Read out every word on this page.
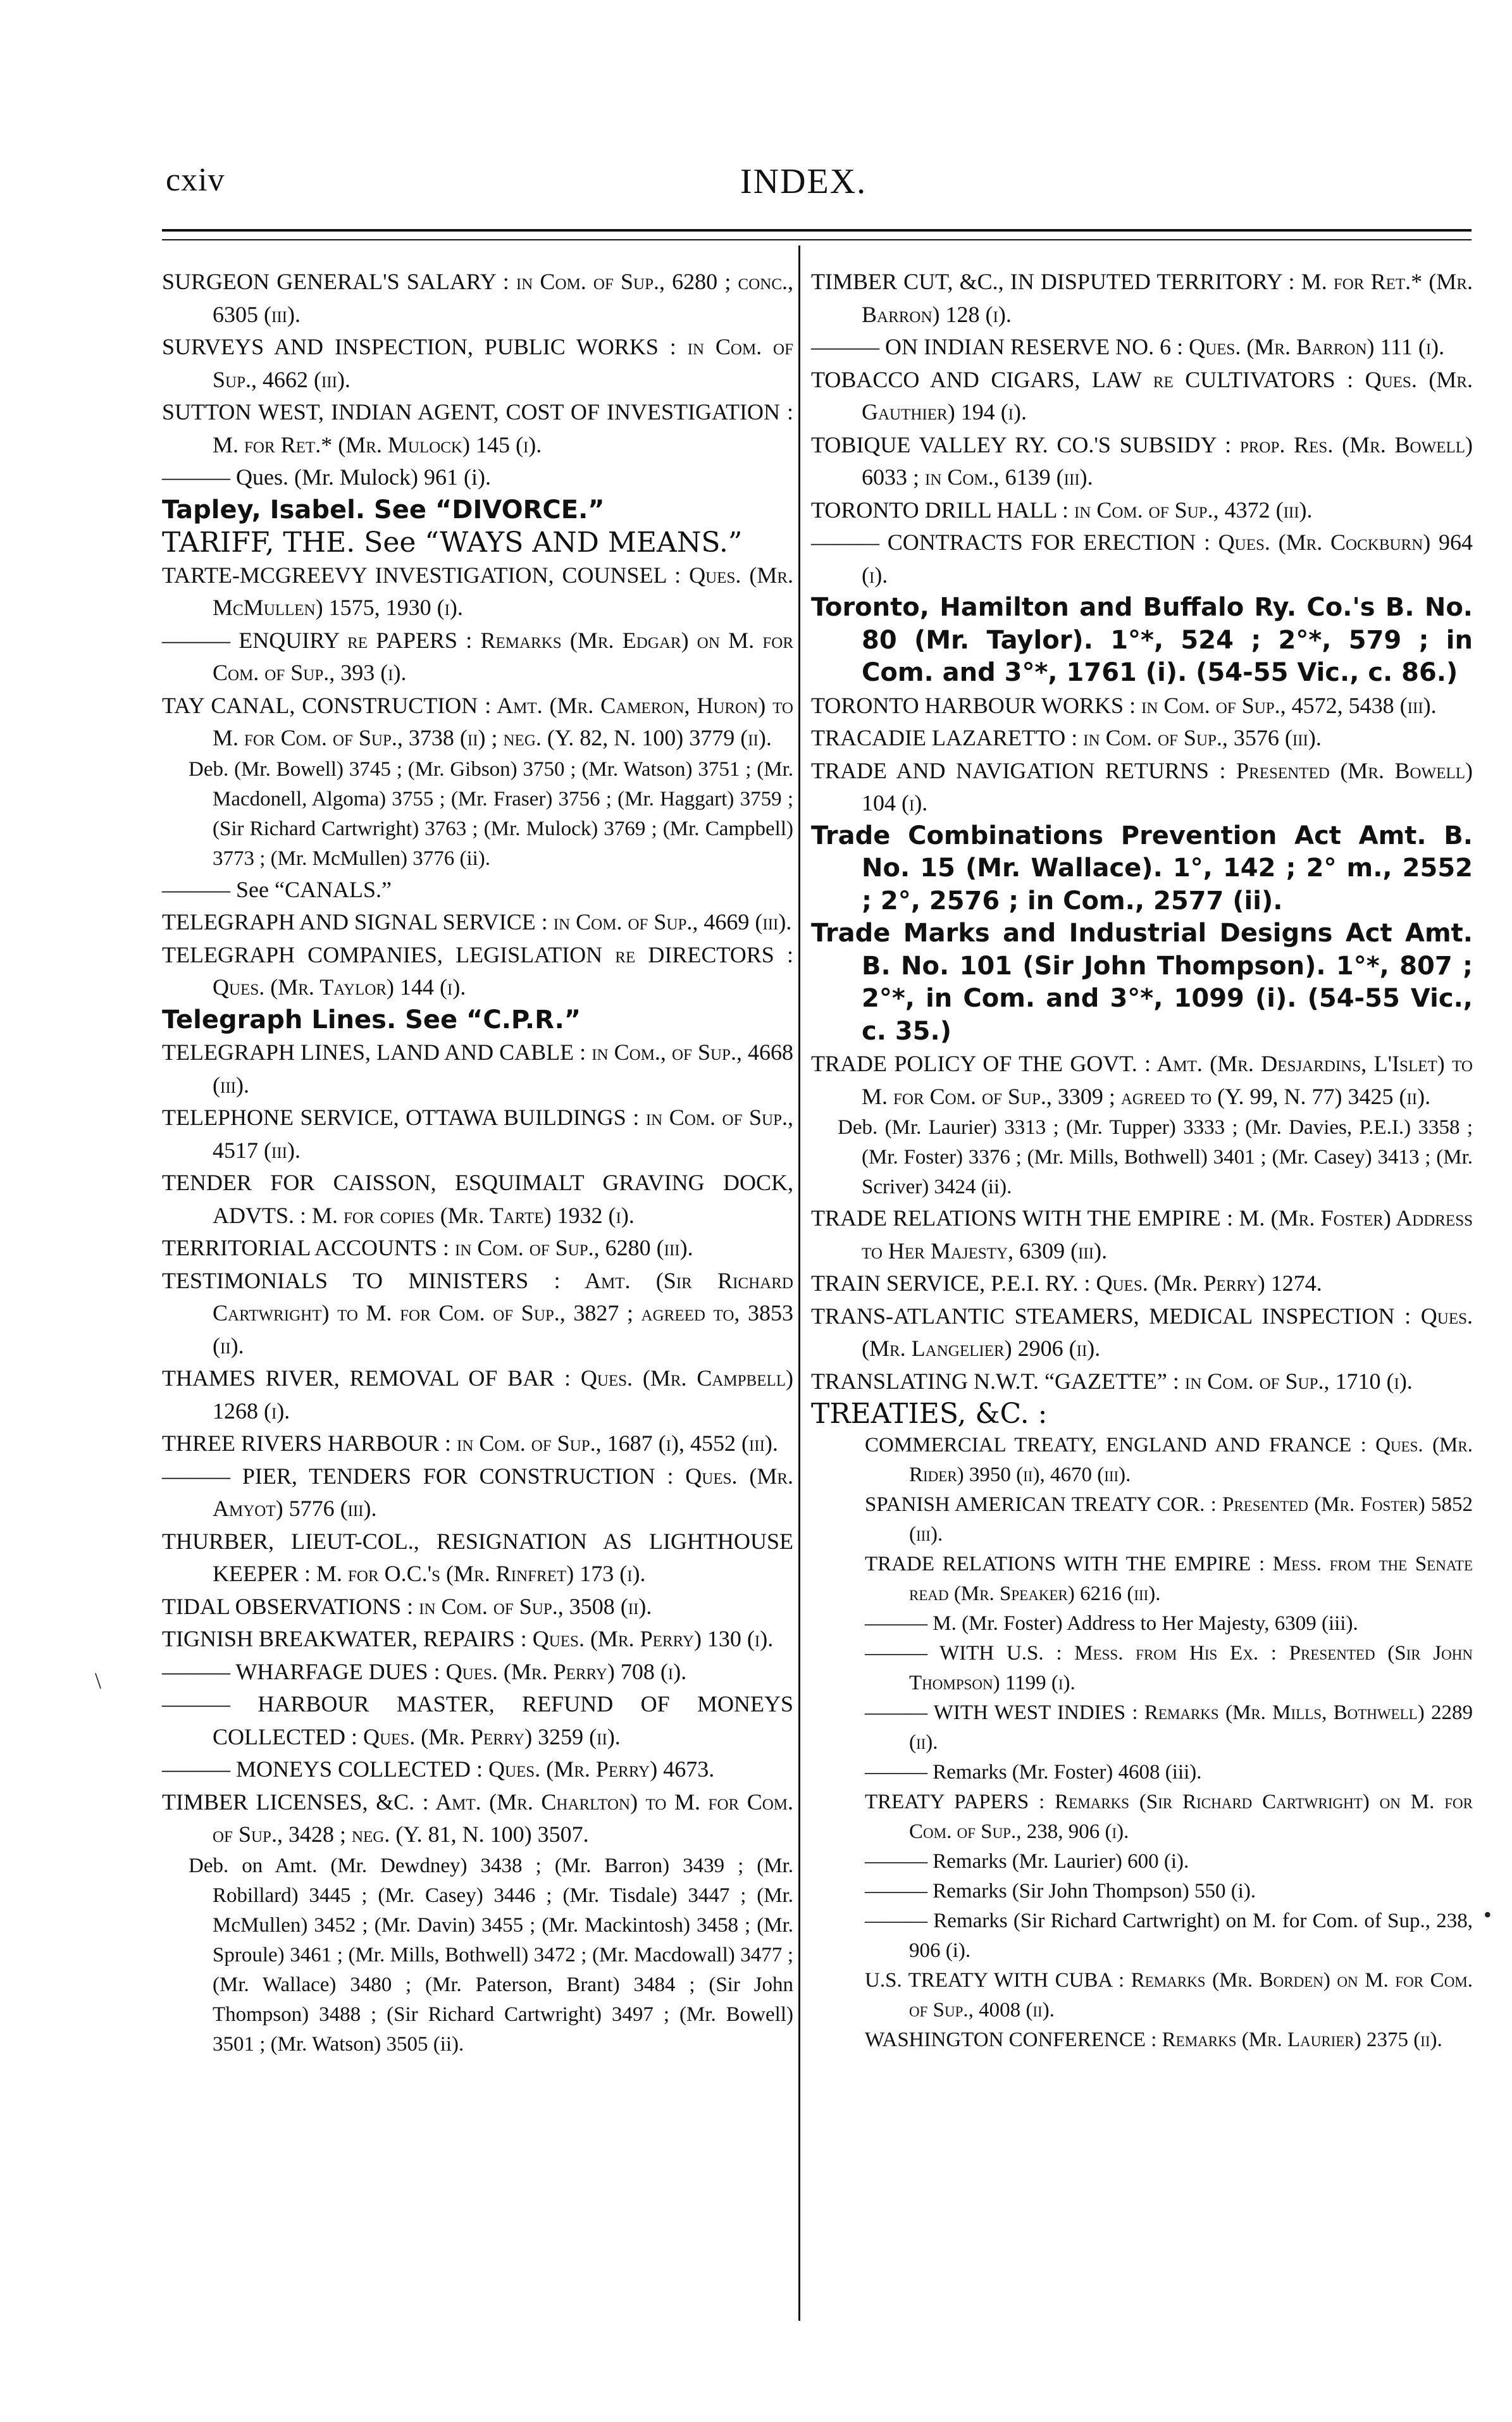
cxiv	INDEX.

SURGEON GENERAL'S SALARY : in Com. of Sup., 6280 ; conc., 6305 (iii).

SURVEYS AND INSPECTION, PUBLIC WORKS : in Com. of Sup., 4662 (iii).

SUTTON WEST, INDIAN AGENT, COST OF INVESTIGATION : M. for Ret.* (Mr. Mulock) 145 (i).

——— Ques. (Mr. Mulock) 961 (i).

Tapley, Isabel. See “DIVORCE.”

TARIFF, THE. See “WAYS AND MEANS.”

TARTE-MCGREEVY INVESTIGATION, COUNSEL : Ques. (Mr. McMullen) 1575, 1930 (i).

——— ENQUIRY re PAPERS : Remarks (Mr. Edgar) on M. for Com. of Sup., 393 (i).

TAY CANAL, CONSTRUCTION : Amt. (Mr. Cameron, Huron) to M. for Com. of Sup., 3738 (ii) ; neg. (Y. 82, N. 100) 3779 (ii).

Deb. (Mr. Bowell) 3745 ; (Mr. Gibson) 3750 ; (Mr. Watson) 3751 ; (Mr. Macdonell, Algoma) 3755 ; (Mr. Fraser) 3756 ; (Mr. Haggart) 3759 ; (Sir Richard Cartwright) 3763 ; (Mr. Mulock) 3769 ; (Mr. Campbell) 3773 ; (Mr. McMullen) 3776 (ii).

——— See “CANALS.”

TELEGRAPH AND SIGNAL SERVICE : in Com. of Sup., 4669 (iii).

TELEGRAPH COMPANIES, LEGISLATION re DIRECTORS : Ques. (Mr. Taylor) 144 (i).

Telegraph Lines. See “C.P.R.”

TELEGRAPH LINES, LAND AND CABLE : in Com., of Sup., 4668 (iii).

TELEPHONE SERVICE, OTTAWA BUILDINGS : in Com. of Sup., 4517 (iii).

TENDER FOR CAISSON, ESQUIMALT GRAVING DOCK, ADVTS. : M. for copies (Mr. Tarte) 1932 (i).

TERRITORIAL ACCOUNTS : in Com. of Sup., 6280 (iii).

TESTIMONIALS TO MINISTERS : Amt. (Sir Richard Cartwright) to M. for Com. of Sup., 3827 ; agreed to, 3853 (ii).

THAMES RIVER, REMOVAL OF BAR : Ques. (Mr. Campbell) 1268 (i).

THREE RIVERS HARBOUR : in Com. of Sup., 1687 (i), 4552 (iii).

——— PIER, TENDERS FOR CONSTRUCTION : Ques. (Mr. Amyot) 5776 (iii).

THURBER, LIEUT-COL., RESIGNATION AS LIGHTHOUSE KEEPER : M. for O.C.'s (Mr. Rinfret) 173 (i).

TIDAL OBSERVATIONS : in Com. of Sup., 3508 (ii).

TIGNISH BREAKWATER, REPAIRS : Ques. (Mr. Perry) 130 (i).

——— WHARFAGE DUES : Ques. (Mr. Perry) 708 (i).

——— HARBOUR MASTER, REFUND OF MONEYS COLLECTED : Ques. (Mr. Perry) 3259 (ii).

——— MONEYS COLLECTED : Ques. (Mr. Perry) 4673.

TIMBER LICENSES, &C. : Amt. (Mr. Charlton) to M. for Com. of Sup., 3428 ; neg. (Y. 81, N. 100) 3507.

Deb. on Amt. (Mr. Dewdney) 3438 ; (Mr. Barron) 3439 ; (Mr. Robillard) 3445 ; (Mr. Casey) 3446 ; (Mr. Tisdale) 3447 ; (Mr. McMullen) 3452 ; (Mr. Davin) 3455 ; (Mr. Mackintosh) 3458 ; (Mr. Sproule) 3461 ; (Mr. Mills, Bothwell) 3472 ; (Mr. Macdowall) 3477 ; (Mr. Wallace) 3480 ; (Mr. Paterson, Brant) 3484 ; (Sir John Thompson) 3488 ; (Sir Richard Cartwright) 3497 ; (Mr. Bowell) 3501 ; (Mr. Watson) 3505 (ii).

TIMBER CUT, &C., IN DISPUTED TERRITORY : M. for Ret.* (Mr. Barron) 128 (i).

——— ON INDIAN RESERVE NO. 6 : Ques. (Mr. Barron) 111 (i).

TOBACCO AND CIGARS, LAW re CULTIVATORS : Ques. (Mr. Gauthier) 194 (i).

TOBIQUE VALLEY RY. CO.'S SUBSIDY : prop. Res. (Mr. Bowell) 6033 ; in Com., 6139 (iii).

TORONTO DRILL HALL : in Com. of Sup., 4372 (iii).

——— CONTRACTS FOR ERECTION : Ques. (Mr. Cockburn) 964 (i).

Toronto, Hamilton and Buffalo Ry. Co.'s B. No. 80 (Mr. Taylor). 1°*, 524 ; 2°*, 579 ; in Com. and 3°*, 1761 (i). (54-55 Vic., c. 86.)

TORONTO HARBOUR WORKS : in Com. of Sup., 4572, 5438 (iii).

TRACADIE LAZARETTO : in Com. of Sup., 3576 (iii).

TRADE AND NAVIGATION RETURNS : Presented (Mr. Bowell) 104 (i).

Trade Combinations Prevention Act Amt. B. No. 15 (Mr. Wallace). 1°, 142 ; 2° m., 2552 ; 2°, 2576 ; in Com., 2577 (ii).

Trade Marks and Industrial Designs Act Amt. B. No. 101 (Sir John Thompson). 1°*, 807 ; 2°*, in Com. and 3°*, 1099 (i). (54-55 Vic., c. 35.)

TRADE POLICY OF THE GOVT. : Amt. (Mr. Desjardins, L'Islet) to M. for Com. of Sup., 3309 ; agreed to (Y. 99, N. 77) 3425 (ii).

Deb. (Mr. Laurier) 3313 ; (Mr. Tupper) 3333 ; (Mr. Davies, P.E.I.) 3358 ; (Mr. Foster) 3376 ; (Mr. Mills, Bothwell) 3401 ; (Mr. Casey) 3413 ; (Mr. Scriver) 3424 (ii).

TRADE RELATIONS WITH THE EMPIRE : M. (Mr. Foster) Address to Her Majesty, 6309 (iii).

TRAIN SERVICE, P.E.I. RY. : Ques. (Mr. Perry) 1274.

TRANS-ATLANTIC STEAMERS, MEDICAL INSPECTION : Ques. (Mr. Langelier) 2906 (ii).

TRANSLATING N.W.T. “GAZETTE” : in Com. of Sup., 1710 (i).

TREATIES, &C. :

COMMERCIAL TREATY, ENGLAND AND FRANCE : Ques. (Mr. Rider) 3950 (ii), 4670 (iii).

SPANISH AMERICAN TREATY COR. : Presented (Mr. Foster) 5852 (iii).

TRADE RELATIONS WITH THE EMPIRE : Mess. from the Senate read (Mr. Speaker) 6216 (iii).

——— M. (Mr. Foster) Address to Her Majesty, 6309 (iii).

——— WITH U.S. : Mess. from His Ex. : Presented (Sir John Thompson) 1199 (i).

——— WITH WEST INDIES : Remarks (Mr. Mills, Bothwell) 2289 (ii).

——— Remarks (Mr. Foster) 4608 (iii).

TREATY PAPERS : Remarks (Sir Richard Cartwright) on M. for Com. of Sup., 238, 906 (i).

——— Remarks (Mr. Laurier) 600 (i).

——— Remarks (Sir John Thompson) 550 (i).

——— Remarks (Sir Richard Cartwright) on M. for Com. of Sup., 238, 906 (i).

U.S. TREATY WITH CUBA : Remarks (Mr. Borden) on M. for Com. of Sup., 4008 (ii).

WASHINGTON CONFERENCE : Remarks (Mr. Laurier) 2375 (ii).

\
•
